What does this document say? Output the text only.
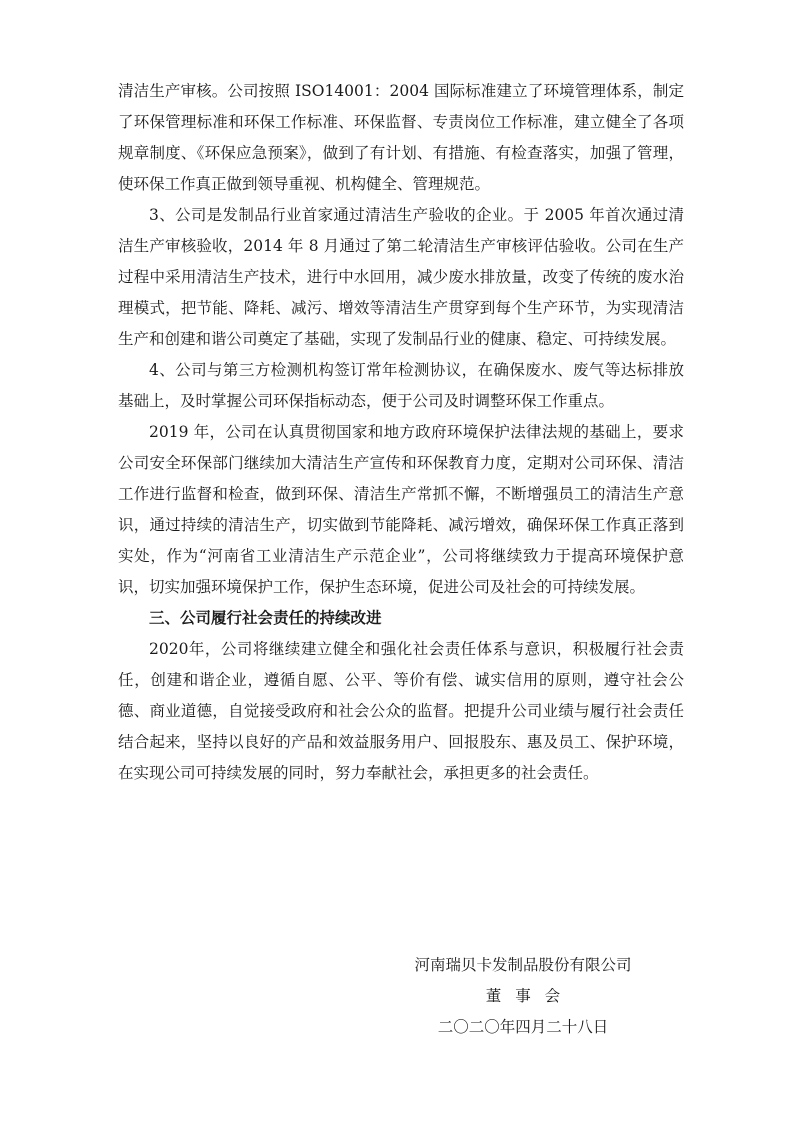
清洁生产审核。公司按照 ISO14001：2004 国际标准建立了环境管理体系，制定了环保管理标准和环保工作标准、环保监督、专责岗位工作标准，建立健全了各项规章制度、《环保应急预案》，做到了有计划、有措施、有检查落实，加强了管理，使环保工作真正做到领导重视、机构健全、管理规范。

3、公司是发制品行业首家通过清洁生产验收的企业。于 2005 年首次通过清洁生产审核验收，2014 年 8 月通过了第二轮清洁生产审核评估验收。公司在生产过程中采用清洁生产技术，进行中水回用，减少废水排放量，改变了传统的废水治理模式，把节能、降耗、减污、增效等清洁生产贯穿到每个生产环节，为实现清洁生产和创建和谐公司奠定了基础，实现了发制品行业的健康、稳定、可持续发展。

4、公司与第三方检测机构签订常年检测协议，在确保废水、废气等达标排放基础上，及时掌握公司环保指标动态，便于公司及时调整环保工作重点。

2019 年，公司在认真贯彻国家和地方政府环境保护法律法规的基础上，要求公司安全环保部门继续加大清洁生产宣传和环保教育力度，定期对公司环保、清洁工作进行监督和检查，做到环保、清洁生产常抓不懈，不断增强员工的清洁生产意识，通过持续的清洁生产，切实做到节能降耗、减污增效，确保环保工作真正落到实处，作为“河南省工业清洁生产示范企业”，公司将继续致力于提高环境保护意识，切实加强环境保护工作，保护生态环境，促进公司及社会的可持续发展。

三、公司履行社会责任的持续改进

2020年，公司将继续建立健全和强化社会责任体系与意识，积极履行社会责任，创建和谐企业，遵循自愿、公平、等价有偿、诚实信用的原则，遵守社会公德、商业道德，自觉接受政府和社会公众的监督。把提升公司业绩与履行社会责任结合起来，坚持以良好的产品和效益服务用户、回报股东、惠及员工、保护环境，在实现公司可持续发展的同时，努力奉献社会，承担更多的社会责任。

河南瑞贝卡发制品股份有限公司
董事会
二〇二〇年四月二十八日
